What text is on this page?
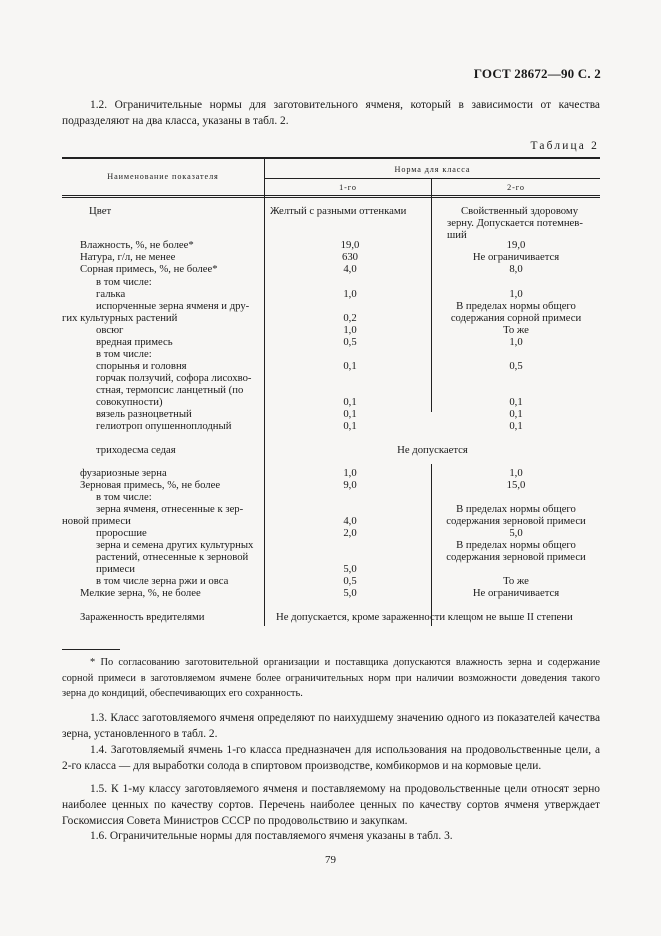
ГОСТ 28672—90 С. 2
1.2. Ограничительные нормы для заготовительного ячменя, который в зависимости от качества подразделяют на два класса, указаны в табл. 2.
Таблица 2
Наименование показателя
Норма для класса
1-го	2-го
Цвет
Влажность, %, не более*
Натура, г/л, не менее
Сорная примесь, %, не более*
в том числе:
галька
испорченные зерна ячменя и дру-
гих культурных растений
овсюг
вредная примесь
в том числе:
спорынья и головня
горчак ползучий, софора лисохво-
стная, термопсис ланцетный (по
совокупности)
вязель разноцветный
гелиотроп опушенноплодный
триходесма седая
фузариозные зерна
Зерновая примесь, %, не более
в том числе:
зерна ячменя, отнесенные к зер-
новой примеси
проросшие
зерна и семена других культурных
растений, отнесенные к зерновой
примеси
в том числе зерна ржи и овса
Мелкие зерна, %, не более
Зараженность вредителями
Желтый с разными оттенками
19,0
630
4,0
1,0
0,2
1,0
0,5
0,1
0,1
0,1
0,1
Не допускается
1,0
9,0
4,0
2,0
5,0
0,5
5,0
Не допускается, кроме зараженности клещом не выше II степени
Свойственный здоровому
зерну. Допускается потемнев-
ший
19,0
Не ограничивается
8,0
1,0
В пределах нормы общего
содержания сорной примеси
То же
1,0
0,5
0,1
0,1
0,1
1,0
15,0
В пределах нормы общего
содержания зерновой примеси
5,0
В пределах нормы общего
содержания зерновой примеси
То же
Не ограничивается
* По согласованию заготовительной организации и поставщика допускаются влажность зерна и содержание сорной примеси в заготовляемом ячмене более ограничительных норм при наличии возможности доведения такого зерна до кондиций, обеспечивающих его сохранность.
1.3. Класс заготовляемого ячменя определяют по наихудшему значению одного из показателей качества зерна, установленного в табл. 2.
1.4. Заготовляемый ячмень 1-го класса предназначен для использования на продовольственные цели, а 2-го класса — для выработки солода в спиртовом производстве, комбикормов и на кормовые цели.
1.5. К 1-му классу заготовляемого ячменя и поставляемому на продовольственные цели относят зерно наиболее ценных по качеству сортов. Перечень наиболее ценных по качеству сортов ячменя утверждает Госкомиссия Совета Министров СССР по продовольствию и закупкам.
1.6. Ограничительные нормы для поставляемого ячменя указаны в табл. 3.
79
